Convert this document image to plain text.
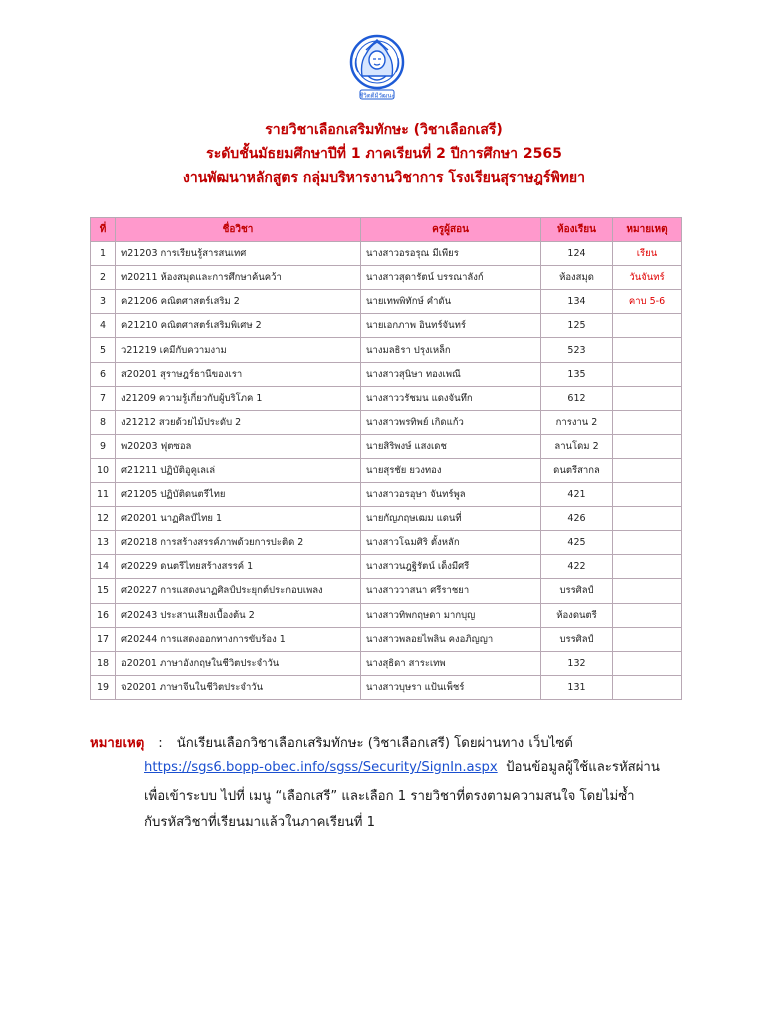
ชีวิตดีมีวัฒนะ
รายวิชาเลือกเสริมทักษะ (วิชาเลือกเสรี)
ระดับชั้นมัธยมศึกษาปีที่ 1 ภาคเรียนที่ 2 ปีการศึกษา 2565
งานพัฒนาหลักสูตร กลุ่มบริหารงานวิชาการ โรงเรียนสุราษฎร์พิทยา
ที่	ชื่อวิชา	ครูผู้สอน	ห้องเรียน	หมายเหตุ
1	ท21203 การเรียนรู้สารสนเทศ	นางสาวอรอรุณ มีเพียร	124	เรียน
2	ท20211 ห้องสมุดและการศึกษาค้นคว้า	นางสาวสุดารัตน์ บรรณาลังก์	ห้องสมุด	วันจันทร์
3	ค21206 คณิตศาสตร์เสริม 2	นายเทพพิทักษ์ คำดัน	134	คาบ 5-6
4	ค21210 คณิตศาสตร์เสริมพิเศษ 2	นายเอกภาพ อินทร์จันทร์	125	
5	ว21219 เคมีกับความงาม	นางมลธิรา ปรุงเหล็ก	523	
6	ส20201 สุราษฎร์ธานีของเรา	นางสาวสุนิษา ทองเพณี	135	
7	ง21209 ความรู้เกี่ยวกับผู้บริโภค 1	นางสาววรัชมน แดงจันทึก	612	
8	ง21212 สวยด้วยไม้ประดับ 2	นางสาวพรทิพย์ เกิดแก้ว	การงาน 2	
9	พ20203 ฟุตซอล	นายสิริพงษ์ แสงเดช	ลานโดม 2	
10	ศ21211 ปฏิบัติอูคูเลเล่	นายสุรชัย ยวงทอง	ดนตรีสากล	
11	ศ21205 ปฏิบัติดนตรีไทย	นางสาวอรอุษา จันทร์พูล	421	
12	ศ20201 นาฏศิลป์ไทย 1	นายกัญภฤษเฒม แดนที่	426	
13	ศ20218 การสร้างสรรค์ภาพด้วยการปะติด 2	นางสาวโฉมศิริ ตั้งหลัก	425	
14	ศ20229 ดนตรีไทยสร้างสรรค์ 1	นางสาวนฎฐิรัตน์ เด็งมีศรี	422	
15	ศ20227 การแสดงนาฏศิลป์ประยุกต์ประกอบเพลง	นางสาววาสนา ศรีราชยา	บรรศิลป์	
16	ศ20243 ประสานเสียงเบื้องต้น 2	นางสาวทิพกฤษดา มากบุญ	ห้องดนตรี	
17	ศ20244 การแสดงออกทางการขับร้อง 1	นางสาวพลอยไพลิน คงอภิญญา	บรรศิลป์	
18	อ20201 ภาษาอังกฤษในชีวิตประจำวัน	นางสุธิดา สาระเทพ	132	
19	จ20201 ภาษาจีนในชีวิตประจำวัน	นางสาวบุษรา แป้นเพ็ชร์	131	
หมายเหตุ : นักเรียนเลือกวิชาเลือกเสริมทักษะ (วิชาเลือกเสรี) โดยผ่านทาง เว็บไซต์
https://sgs6.bopp-obec.info/sgss/Security/SignIn.aspx ป้อนข้อมูลผู้ใช้และรหัสผ่าน
เพื่อเข้าระบบ ไปที่ เมนู “เลือกเสรี” และเลือก 1 รายวิชาที่ตรงตามความสนใจ โดยไม่ซ้ำ
กับรหัสวิชาที่เรียนมาแล้วในภาคเรียนที่ 1
